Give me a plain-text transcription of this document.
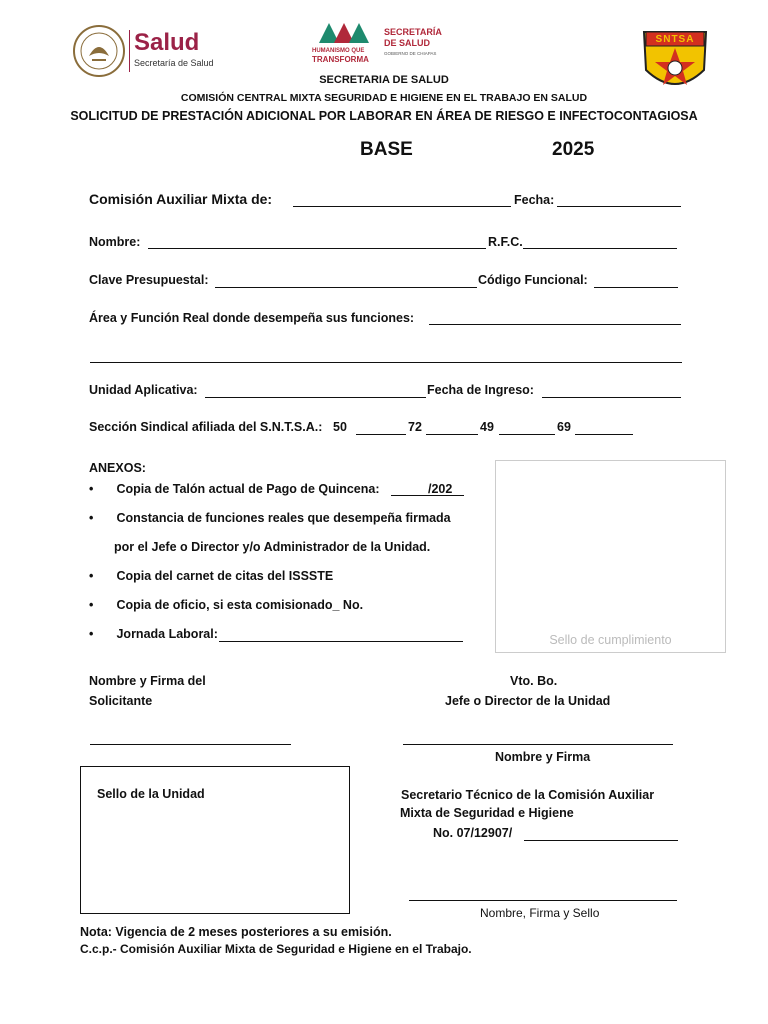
Salud
Secretaría de Salud
HUMANISMO QUE
TRANSFORMA
SECRETARÍA
DE SALUD
GOBIERNO DE CHIAPAS
SNTSA
SECRETARIA DE SALUD
COMISIÓN CENTRAL MIXTA SEGURIDAD E HIGIENE EN EL TRABAJO EN SALUD
SOLICITUD DE PRESTACIÓN ADICIONAL POR LABORAR EN ÁREA DE RIESGO E INFECTOCONTAGIOSA
BASE	2025
Comisión Auxiliar Mixta de:	Fecha:
Nombre:	R.F.C.
Clave Presupuestal:	Código Funcional:
Área y Función Real donde desempeña sus funciones:
Unidad Aplicativa:	Fecha de Ingreso:
Sección Sindical afiliada del S.N.T.S.A.: 50	72	49	69
ANEXOS:
• Copia de Talón actual de Pago de Quincena:	/202
• Constancia de funciones reales que desempeña firmada
por el Jefe o Director y/o Administrador de la Unidad.
• Copia del carnet de citas del ISSSTE
• Copia de oficio, si esta comisionado_ No.
• Jornada Laboral:	Sello de cumplimiento
Nombre y Firma del
Solicitante
Vto. Bo.
Jefe o Director de la Unidad
Nombre y Firma
Sello de la Unidad	Secretario Técnico de la Comisión Auxiliar
Mixta de Seguridad e Higiene
No. 07/12907/
Nombre, Firma y Sello
Nota: Vigencia de 2 meses posteriores a su emisión.
C.c.p.- Comisión Auxiliar Mixta de Seguridad e Higiene en el Trabajo.
